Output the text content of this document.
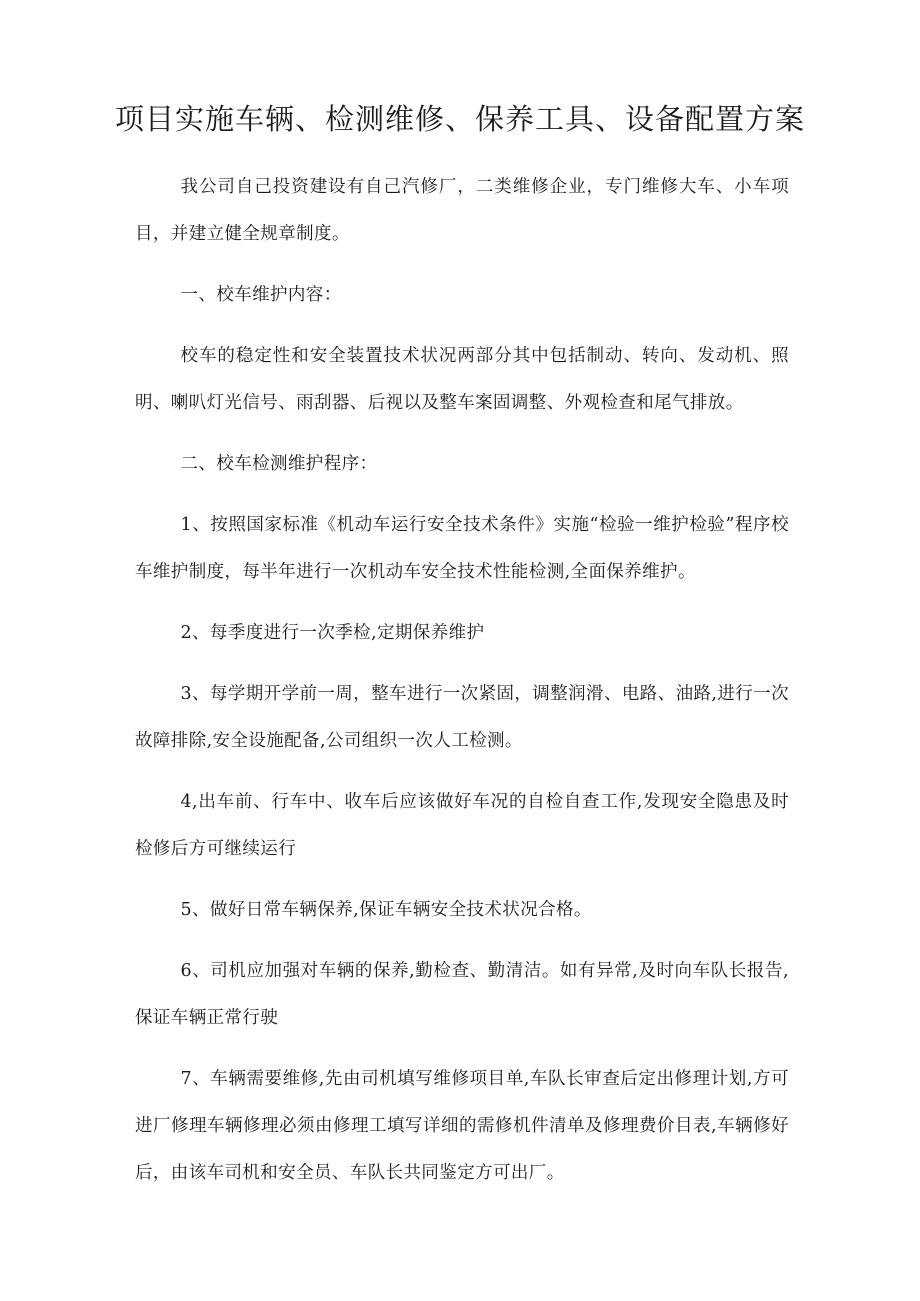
项目实施车辆、检测维修、保养工具、设备配置方案

我公司自己投资建设有自己汽修厂，二类维修企业，专门维修大车、小车项目，并建立健全规章制度。

一、校车维护内容：

校车的稳定性和安全装置技术状况两部分其中包括制动、转向、发动机、照明、喇叭灯光信号、雨刮器、后视以及整车案固调整、外观检查和尾气排放。

二、校车检测维护程序：

1、按照国家标准《机动车运行安全技术条件》实施“检验一维护检验”程序校车维护制度，每半年进行一次机动车安全技术性能检测,全面保养维护。

2、每季度进行一次季检,定期保养维护

3、每学期开学前一周，整车进行一次紧固，调整润滑、电路、油路,进行一次故障排除,安全设施配备,公司组织一次人工检测。

4,出车前、行车中、收车后应该做好车况的自检自查工作,发现安全隐患及时检修后方可继续运行

5、做好日常车辆保养,保证车辆安全技术状况合格。

6、司机应加强对车辆的保养,勤检查、勤清洁。如有异常,及时向车队长报告,保证车辆正常行驶

7、车辆需要维修,先由司机填写维修项目单,车队长审查后定出修理计划,方可进厂修理车辆修理必须由修理工填写详细的需修机件清单及修理费价目表,车辆修好后，由该车司机和安全员、车队长共同鉴定方可出厂。
